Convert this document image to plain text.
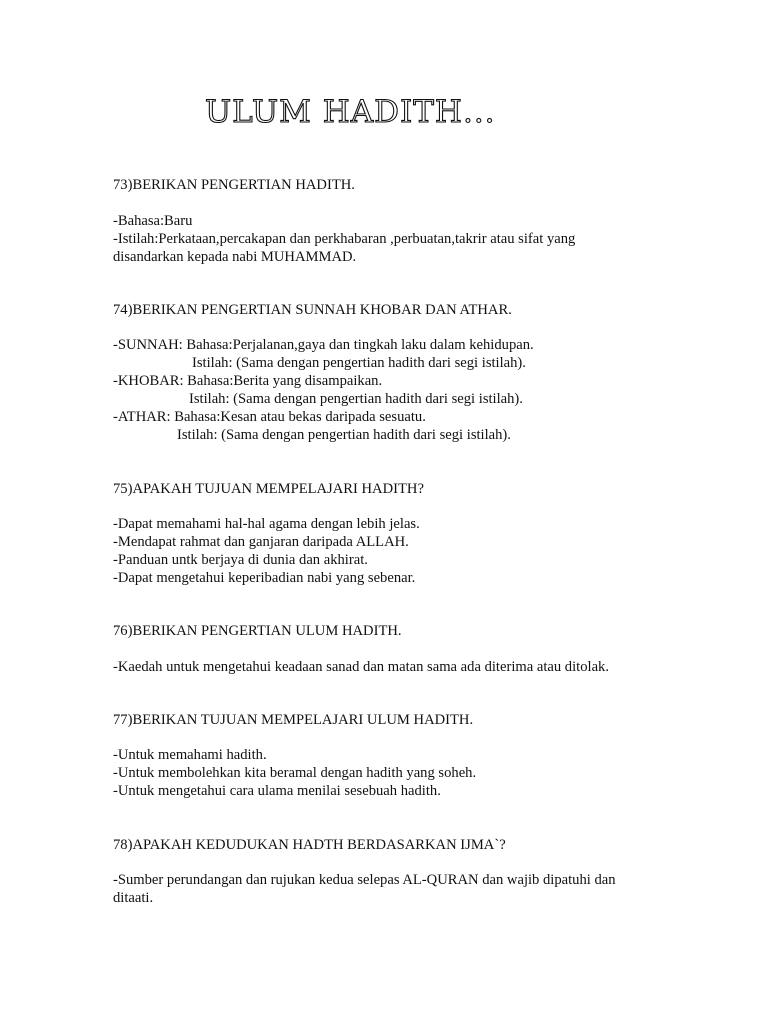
ULUM HADITH...

73)BERIKAN PENGERTIAN HADITH.

-Bahasa:Baru

-Istilah:Perkataan,percakapan dan perkhabaran ,perbuatan,takrir atau sifat yang

disandarkan kepada nabi MUHAMMAD.

74)BERIKAN PENGERTIAN SUNNAH KHOBAR DAN ATHAR.

-SUNNAH: Bahasa:Perjalanan,gaya dan tingkah laku dalam kehidupan.

Istilah: (Sama dengan pengertian hadith dari segi istilah).

-KHOBAR: Bahasa:Berita yang disampaikan.

Istilah: (Sama dengan pengertian hadith dari segi istilah).

-ATHAR: Bahasa:Kesan atau bekas daripada sesuatu.

Istilah: (Sama dengan pengertian hadith dari segi istilah).

75)APAKAH TUJUAN MEMPELAJARI HADITH?

-Dapat memahami hal-hal agama dengan lebih jelas.

-Mendapat rahmat dan ganjaran daripada ALLAH.

-Panduan untk berjaya di dunia dan akhirat.

-Dapat mengetahui keperibadian nabi yang sebenar.

76)BERIKAN PENGERTIAN ULUM HADITH.

-Kaedah untuk mengetahui keadaan sanad dan matan sama ada diterima atau ditolak.

77)BERIKAN TUJUAN MEMPELAJARI ULUM HADITH.

-Untuk memahami hadith.

-Untuk membolehkan kita beramal dengan hadith yang soheh.

-Untuk mengetahui cara ulama menilai sesebuah hadith.

78)APAKAH KEDUDUKAN HADTH BERDASARKAN IJMA`?

-Sumber perundangan dan rujukan kedua selepas AL-QURAN dan wajib dipatuhi dan

ditaati.
